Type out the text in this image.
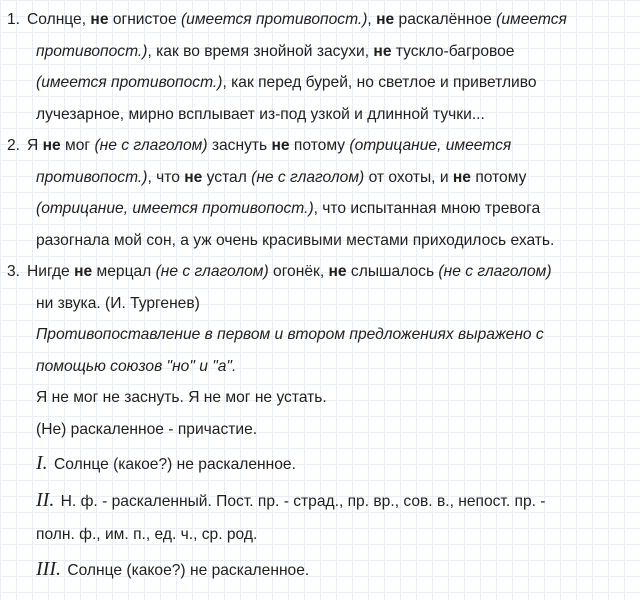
1. Солнце, не огнистое (имеется противопост.), не раскалённое (имеется
противопост.), как во время знойной засухи, не тускло-багровое
(имеется противопост.), как перед бурей, но светлое и приветливо
лучезарное, мирно всплывает из-под узкой и длинной тучки...
2. Я не мог (не с глаголом) заснуть не потому (отрицание, имеется
противопост.), что не устал (не с глаголом) от охоты, и не потому
(отрицание, имеется противопост.), что испытанная мною тревога
разогнала мой сон, а уж очень красивыми местами приходилось ехать.
3. Нигде не мерцал (не с глаголом) огонёк, не слышалось (не с глаголом)
ни звука. (И. Тургенев)
Противопоставление в первом и втором предложениях выражено с
помощью союзов "но" и "а".
Я не мог не заснуть. Я не мог не устать.
(Не) раскаленное - причастие.
I. Солнце (какое?) не раскаленное.
II. Н. ф. - раскаленный. Пост. пр. - страд., пр. вр., сов. в., непост. пр. -
полн. ф., им. п., ед. ч., ср. род.
III. Солнце (какое?) не раскаленное.
